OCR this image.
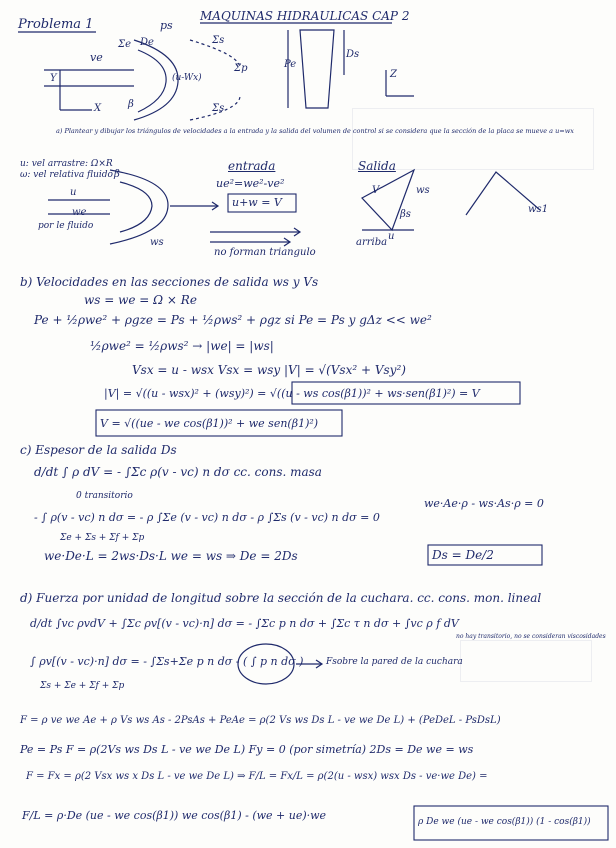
Problema 1
MAQUINAS HIDRAULICAS CAP 2
ve
ps
Σe	Σs
Σs
Σp
De
Y
X	β
(u-Wx)
Pe
Ds
Z
a) Plantear y dibujar los triángulos de velocidades a la entrada y la salida del volumen de control si se considera que la sección de la placa se mueve a u=wx
u: vel arrastre: Ω×R
ω: vel relativa fluido β
u
we
por le fluido
ws
entrada
ue²=we²-ve²
u+w = V
no forman triangulo
Salida
ws
βs
u
V
ws1
arriba
b) Velocidades en las secciones de salida ws y Vs
ws = we = Ω × Re
Pe + ½ρwe² + ρgze = Ps + ½ρws² + ρgz si Pe = Ps y gΔz << we²
½ρwe² = ½ρws² → |we| = |ws|
Vsx = u - wsx Vsx = wsy |V| = √(Vsx² + Vsy²)
|V| = √((u - wsx)² + (wsy)²) = √((u - ws cos(β1))² + ws·sen(β1)²) = V
V = √((ue - we cos(β1))² + we sen(β1)²)
c) Espesor de la salida Ds
d/dt ∫ ρ dV = - ∫Σc ρ(v - vc) n dσ cc. cons. masa
0 transitorio
- ∫ ρ(v - vc) n dσ = - ρ ∫Σe (v - vc) n dσ - ρ ∫Σs (v - vc) n dσ = 0
we·Ae·ρ - ws·As·ρ = 0
Σe + Σs + Σf + Σp
we·De·L = 2ws·Ds·L we = ws ⇒ De = 2Ds	Ds = De/2
d) Fuerza por unidad de longitud sobre la sección de la cuchara. cc. cons. mon. lineal
d/dt ∫vc ρvdV + ∫Σc ρv[(v - vc)·n] dσ = - ∫Σc p n dσ + ∫Σc τ n dσ + ∫vc ρ f dV
no hay transitorio, no se consideran viscosidades
∫ ρv[(v - vc)·n] dσ = - ∫Σs+Σe p n dσ - ( ∫ p n dσ )	Fsobre la pared de la cuchara
Σs + Σe + Σf + Σp
F = ρ ve we Ae + ρ Vs ws As - 2PsAs + PeAe = ρ(2 Vs ws Ds L - ve we De L) + (PeDeL - PsDsL)
Pe = Ps F = ρ(2Vs ws Ds L - ve we De L) Fy = 0 (por simetría) 2Ds = De we = ws
F = Fx = ρ(2 Vsx ws x Ds L - ve we De L) ⇒ F/L = Fx/L = ρ(2(u - wsx) wsx Ds - ve·we De) =
F/L = ρ·De (ue - we cos(β1)) we cos(β1) - (we + ue)·we	ρ De we (ue - we cos(β1)) (1 - cos(β1))
